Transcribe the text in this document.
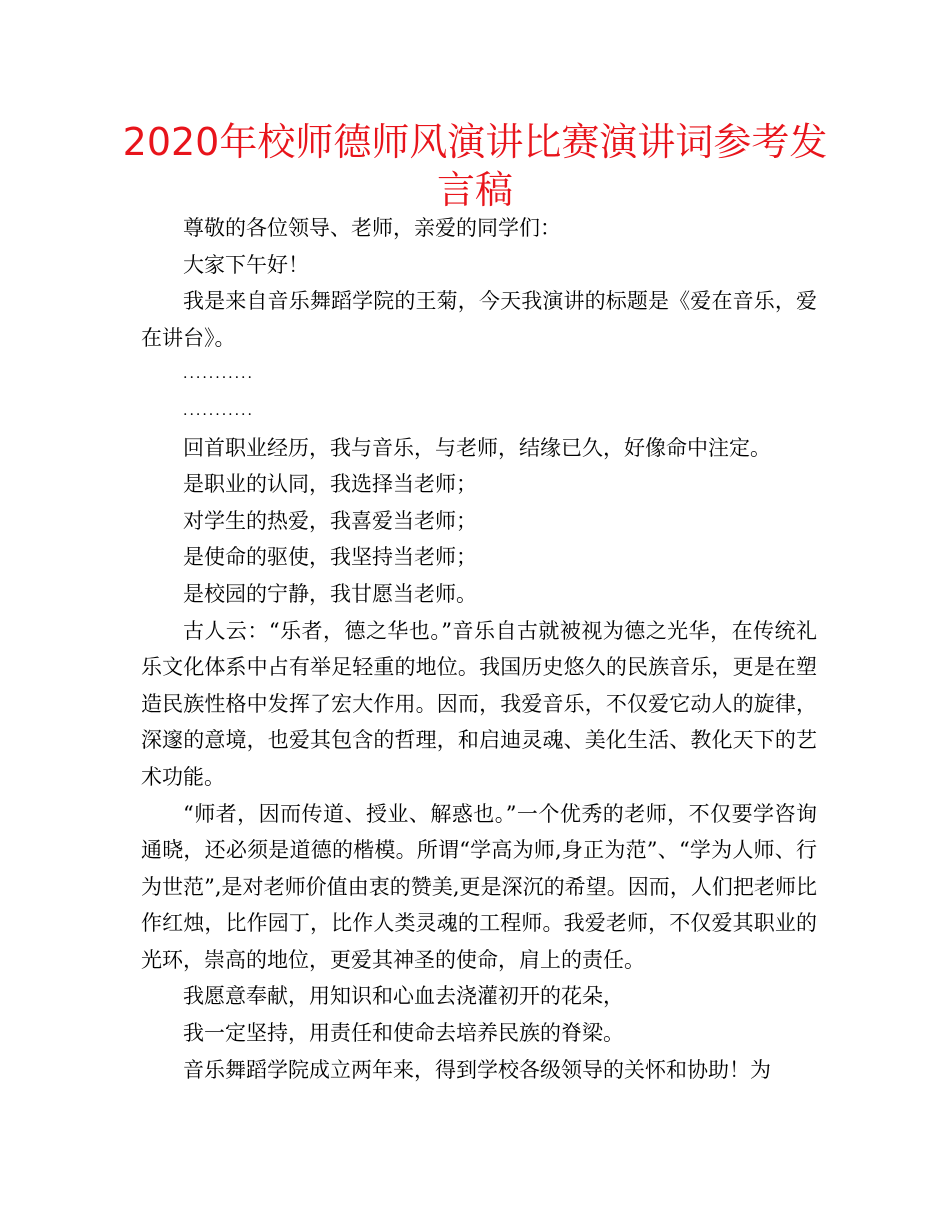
2020年校师德师风演讲比赛演讲词参考发言稿

尊敬的各位领导、老师，亲爱的同学们：

大家下午好！

我是来自音乐舞蹈学院的王菊，今天我演讲的标题是《爱在音乐，爱在讲台》。

...........

...........

回首职业经历，我与音乐，与老师，结缘已久，好像命中注定。

是职业的认同，我选择当老师；

对学生的热爱，我喜爱当老师；

是使命的驱使，我坚持当老师；

是校园的宁静，我甘愿当老师。

古人云：“乐者，德之华也。”音乐自古就被视为德之光华，在传统礼乐文化体系中占有举足轻重的地位。我国历史悠久的民族音乐，更是在塑造民族性格中发挥了宏大作用。因而，我爱音乐，不仅爱它动人的旋律，深邃的意境，也爱其包含的哲理，和启迪灵魂、美化生活、教化天下的艺术功能。

“师者，因而传道、授业、解惑也。”一个优秀的老师，不仅要学咨询通晓，还必须是道德的楷模。所谓“学高为师,身正为范”、“学为人师、行为世范”,是对老师价值由衷的赞美,更是深沉的希望。因而，人们把老师比作红烛，比作园丁，比作人类灵魂的工程师。我爱老师，不仅爱其职业的光环，崇高的地位，更爱其神圣的使命，肩上的责任。

我愿意奉献，用知识和心血去浇灌初开的花朵，

我一定坚持，用责任和使命去培养民族的脊梁。

音乐舞蹈学院成立两年来，得到学校各级领导的关怀和协助！为
